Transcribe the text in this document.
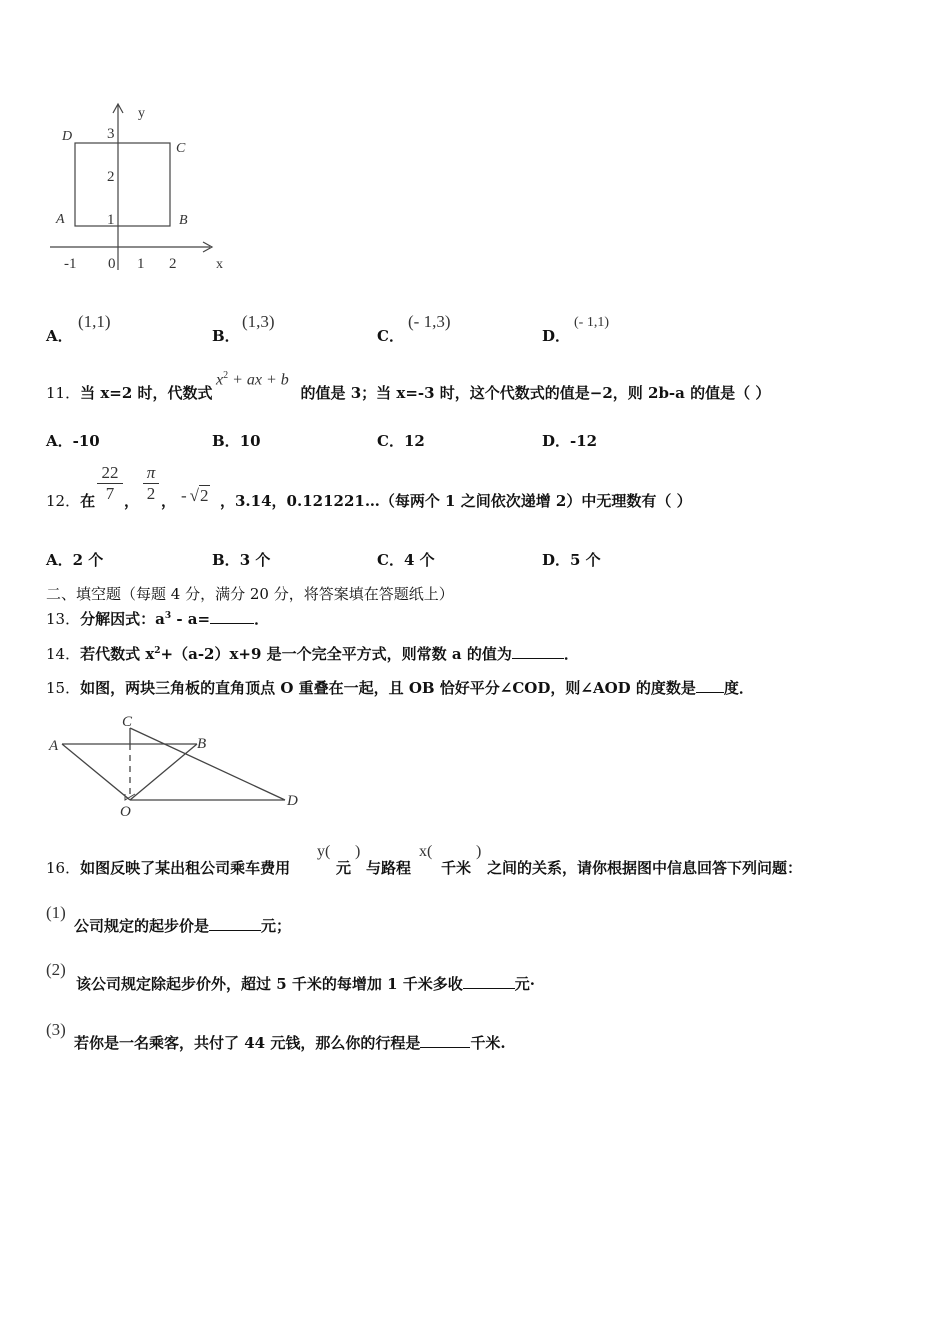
y
D
C
A	B
3
2
1
-1 0 1 2	x
A．
(1,1)
B．
(1,3)
C．
(- 1,3)
D．
(- 1,1)
11．当 x=2 时，代数式	的值是 3；当 x=-3 时，这个代数式的值是−2，则 2b-a 的值是（ ）
$x^2$ + ax + b
A．-10	B．10	C．12	D．-12
12．在 $\frac{22}{7}$ ， $\frac{\pi}{2}$ ， - √2 ，3.14，0.121221…（每两个 1 之间依次递增 2）中无理数有（ ）
A．2 个	B．3 个	C．4 个	D．5 个
二、填空题（每题 4 分，满分 20 分，将答案填在答题纸上）
13．分解因式：$a^3 - a=$	．
14．若代数式 $x^2+(a-2)x+9$ 是一个完全平方式，则常数 a 的值为	．
15．如图，两块三角板的直角顶点 O 重叠在一起，且 OB 恰好平分∠COD，则∠AOD 的度数是 度．
C
A	B
O
D
16．如图反映了某出租公司乘车费用
y(
元
)
与路程
x(
千米
)
之间的关系，请你根据图中信息回答下列问题：
(1)
公司规定的起步价是	元；
(2)
该公司规定除起步价外，超过 5 千米的每增加 1 千米多收	元·
(3)
若你是一名乘客，共付了 44 元钱，那么你的行程是	千米.
